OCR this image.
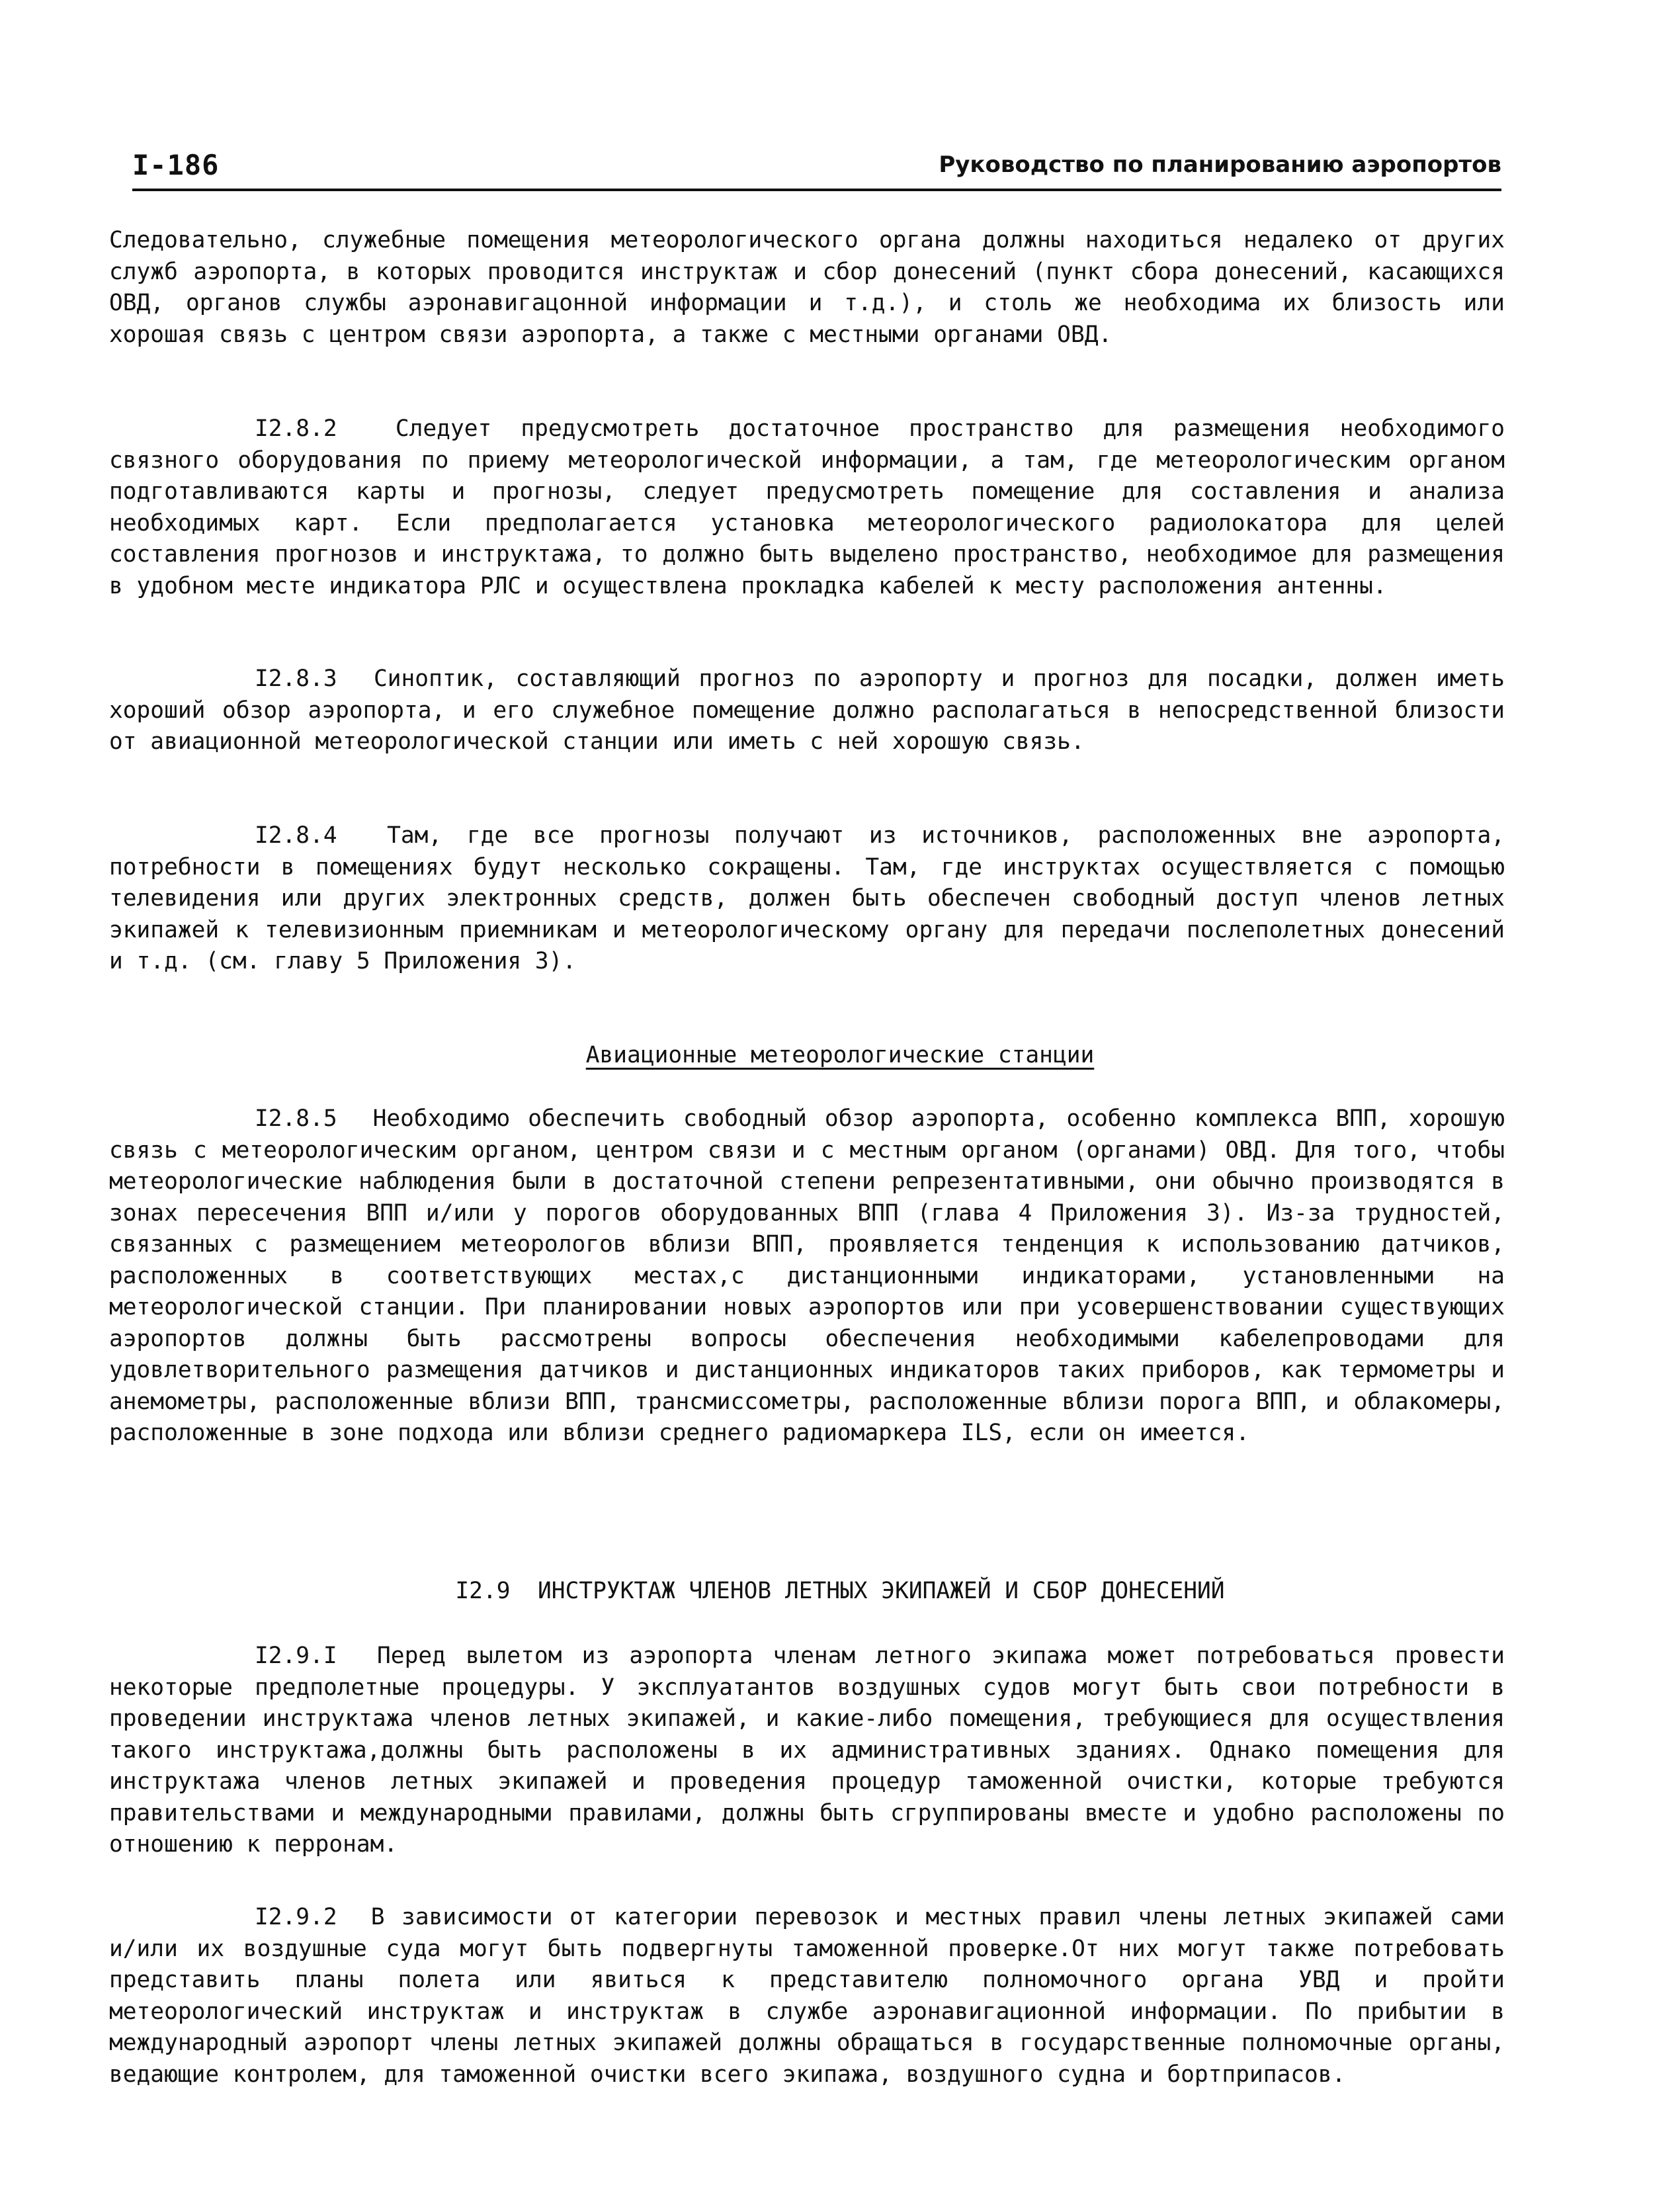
I-186	Руководство по планированию аэропортов

Следовательно, служебные помещения метеорологического органа должны находиться недалеко от других служб аэропорта, в которых проводится инструктаж и сбор донесений (пункт сбора донесений, касающихся ОВД, органов службы аэронавигацонной информации и т.д.), и столь же необходима их близость или хорошая связь с центром связи аэропорта, а также с местными органами ОВД.

I2.8.2	Следует предусмотреть достаточное пространство для размещения необходимого связного оборудования по приему метеорологической информации, а там, где метеорологическим органом подготавливаются карты и прогнозы, следует предусмотреть помещение для составления и анализа необходимых карт. Если предполагается установка метеорологического радиолокатора для целей составления прогнозов и инструктажа, то должно быть выделено пространство, необходимое для размещения в удобном месте индикатора РЛС и осуществлена прокладка кабелей к месту расположения антенны.

I2.8.3 Синоптик, составляющий прогноз по аэропорту и прогноз для посадки, должен иметь хороший обзор аэропорта, и его служебное помещение должно располагаться в непосредственной близости от авиационной метеорологической станции или иметь с ней хорошую связь.

I2.8.4 Там, где все прогнозы получают из источников, расположенных вне аэропорта, потребности в помещениях будут несколько сокращены. Там, где инструктах осуществляется с помощью телевидения или других электронных средств, должен быть обеспечен свободный доступ членов летных экипажей к телевизионным приемникам и метеорологическому органу для передачи послеполетных донесений и т.д. (см. главу 5 Приложения 3).

Авиационные метеорологические станции

I2.8.5 Необходимо обеспечить свободный обзор аэропорта, особенно комплекса ВПП, хорошую связь с метеорологическим органом, центром связи и с местным органом (органами) ОВД. Для того, чтобы метеорологические наблюдения были в достаточной степени репрезентативными, они обычно производятся в зонах пересечения ВПП и/или у порогов оборудованных ВПП (глава 4 Приложения 3). Из-за трудностей, связанных с размещением метеорологов вблизи ВПП, проявляется тенденция к использованию датчиков, расположенных в соответствующих местах,с дистанционными индикаторами, установленными на метеорологической станции. При планировании новых аэропортов или при усовершенствовании существующих аэропортов должны быть рассмотрены вопросы обеспечения необходимыми кабелепроводами для удовлетворительного размещения датчиков и дистанционных индикаторов таких приборов, как термометры и анемометры, расположенные вблизи ВПП, трансмиссометры, расположенные вблизи порога ВПП, и облакомеры, расположенные в зоне подхода или вблизи среднего радиомаркера ILS, если он имеется.

I2.9  ИНСТРУКТАЖ ЧЛЕНОВ ЛЕТНЫХ ЭКИПАЖЕЙ И СБОР ДОНЕСЕНИЙ

I2.9.I Перед вылетом из аэропорта членам летного экипажа может потребоваться провести некоторые предполетные процедуры. У эксплуатантов воздушных судов могут быть свои потребности в проведении инструктажа членов летных экипажей, и какие-либо помещения, требующиеся для осуществления такого инструктажа,должны быть расположены в их административных зданиях. Однако помещения для инструктажа членов летных экипажей и проведения процедур таможенной очистки, которые требуются правительствами и международными правилами, должны быть сгруппированы вместе и удобно расположены по отношению к перронам.

I2.9.2 В зависимости от категории перевозок и местных правил члены летных экипажей сами и/или их воздушные суда могут быть подвергнуты таможенной проверке.От них могут также потребовать представить планы полета или явиться к представителю полномочного органа УВД и пройти метеорологический инструктаж и инструктаж в службе аэронавигационной информации. По прибытии в международный аэропорт члены летных экипажей должны обращаться в государственные полномочные органы, ведающие контролем, для таможенной очистки всего экипажа, воздушного судна и бортприпасов.
